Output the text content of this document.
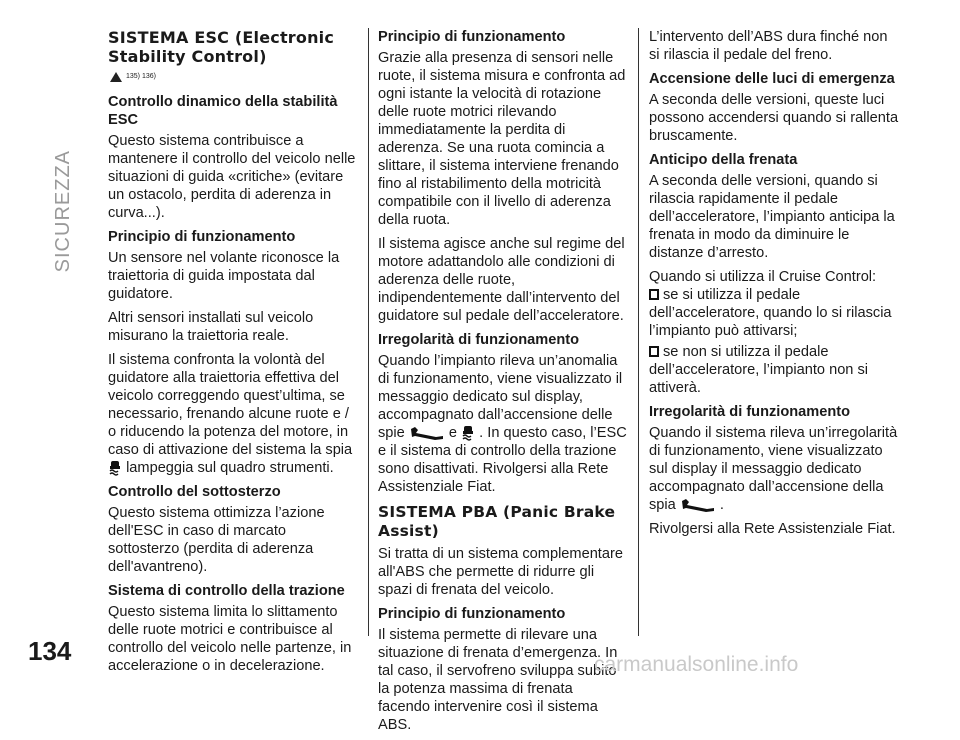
SICUREZZA
SISTEMA ESC (Electronic Stability Control)
135) 136)
Controllo dinamico della stabilità ESC

Questo sistema contribuisce a mantenere il controllo del veicolo nelle situazioni di guida «critiche» (evitare un ostacolo, perdita di aderenza in curva...).

Principio di funzionamento

Un sensore nel volante riconosce la traiettoria di guida impostata dal guidatore.

Altri sensori installati sul veicolo misurano la traiettoria reale.

Il sistema confronta la volontà del guidatore alla traiettoria effettiva del veicolo correggendo quest’ultima, se necessario, frenando alcune ruote e / o riducendo la potenza del motore, in caso di attivazione del sistema la spia  lampeggia sul quadro strumenti.

Controllo del sottosterzo

Questo sistema ottimizza l’azione dell'ESC in caso di marcato sottosterzo (perdita di aderenza dell'avantreno).

Sistema di controllo della trazione

Questo sistema limita lo slittamento delle ruote motrici e contribuisce al controllo del veicolo nelle partenze, in accelerazione o in decelerazione.

Principio di funzionamento

Grazie alla presenza di sensori nelle ruote, il sistema misura e confronta ad ogni istante la velocità di rotazione delle ruote motrici rilevando immediatamente la perdita di aderenza. Se una ruota comincia a slittare, il sistema interviene frenando fino al ristabilimento della motricità compatibile con il livello di aderenza della ruota.

Il sistema agisce anche sul regime del motore adattandolo alle condizioni di aderenza delle ruote, indipendentemente dall’intervento del guidatore sul pedale dell’acceleratore.

Irregolarità di funzionamento

Quando l’impianto rileva un’anomalia di funzionamento, viene visualizzato il messaggio dedicato sul display, accompagnato dall’accensione delle spie	e . In questo caso, l’ESC e il sistema di controllo della trazione sono disattivati. Rivolgersi alla Rete Assistenziale Fiat.

SISTEMA PBA (Panic Brake Assist)

Si tratta di un sistema complementare all'ABS che permette di ridurre gli spazi di frenata del veicolo.

Principio di funzionamento

Il sistema permette di rilevare una situazione di frenata d’emergenza. In tal caso, il servofreno sviluppa subito la potenza massima di frenata facendo intervenire così il sistema ABS.

L’intervento dell’ABS dura finché non si rilascia il pedale del freno.

Accensione delle luci di emergenza

A seconda delle versioni, queste luci possono accendersi quando si rallenta bruscamente.

Anticipo della frenata

A seconda delle versioni, quando si rilascia rapidamente il pedale dell’acceleratore, l’impianto anticipa la frenata in modo da diminuire le distanze d’arresto.

Quando si utilizza il Cruise Control:
se si utilizza il pedale

dell’acceleratore, quando lo si rilascia l’impianto può attivarsi;

se non si utilizza il pedale

dell’acceleratore, l’impianto non si attiverà.

Irregolarità di funzionamento

Quando il sistema rileva un’irregolarità di funzionamento, viene visualizzato sul display il messaggio dedicato accompagnato dall’accensione della spia	.

Rivolgersi alla Rete Assistenziale Fiat.

134	carmanualsonline.info
